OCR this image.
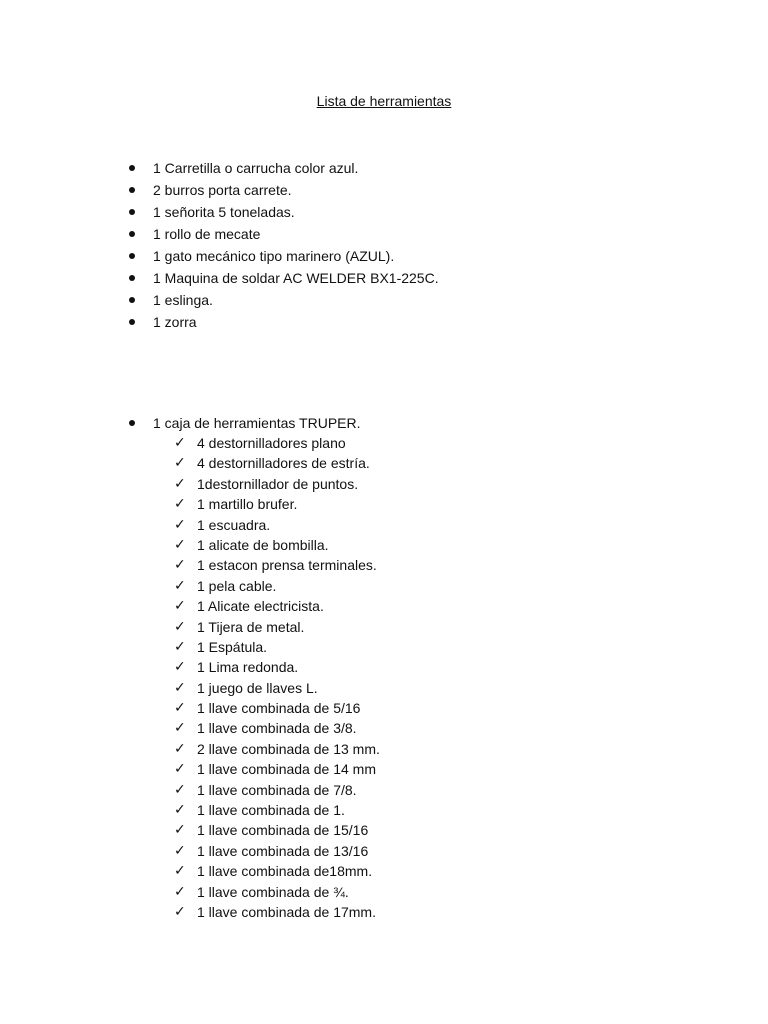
Lista de herramientas
1 Carretilla o carrucha color azul.
2 burros porta carrete.
1 señorita 5 toneladas.
1 rollo de mecate
1 gato mecánico tipo marinero (AZUL).
1 Maquina de soldar AC WELDER BX1-225C.
1 eslinga.
1 zorra
1 caja de herramientas TRUPER.
✓ 4 destornilladores plano
✓ 4 destornilladores de estría.
✓ 1destornillador de puntos.
✓ 1 martillo brufer.
✓ 1 escuadra.
✓ 1 alicate de bombilla.
✓ 1 estacon prensa terminales.
✓ 1 pela cable.
✓ 1 Alicate electricista.
✓ 1 Tijera de metal.
✓ 1 Espátula.
✓ 1 Lima redonda.
✓ 1 juego de llaves L.
✓ 1 llave combinada de 5/16
✓ 1 llave combinada de 3/8.
✓ 2 llave combinada de 13 mm.
✓ 1 llave combinada de 14 mm
✓ 1 llave combinada de 7/8.
✓ 1 llave combinada de 1.
✓ 1 llave combinada de 15/16
✓ 1 llave combinada de 13/16
✓ 1 llave combinada de18mm.
✓ 1 llave combinada de ¾.
✓ 1 llave combinada de 17mm.
